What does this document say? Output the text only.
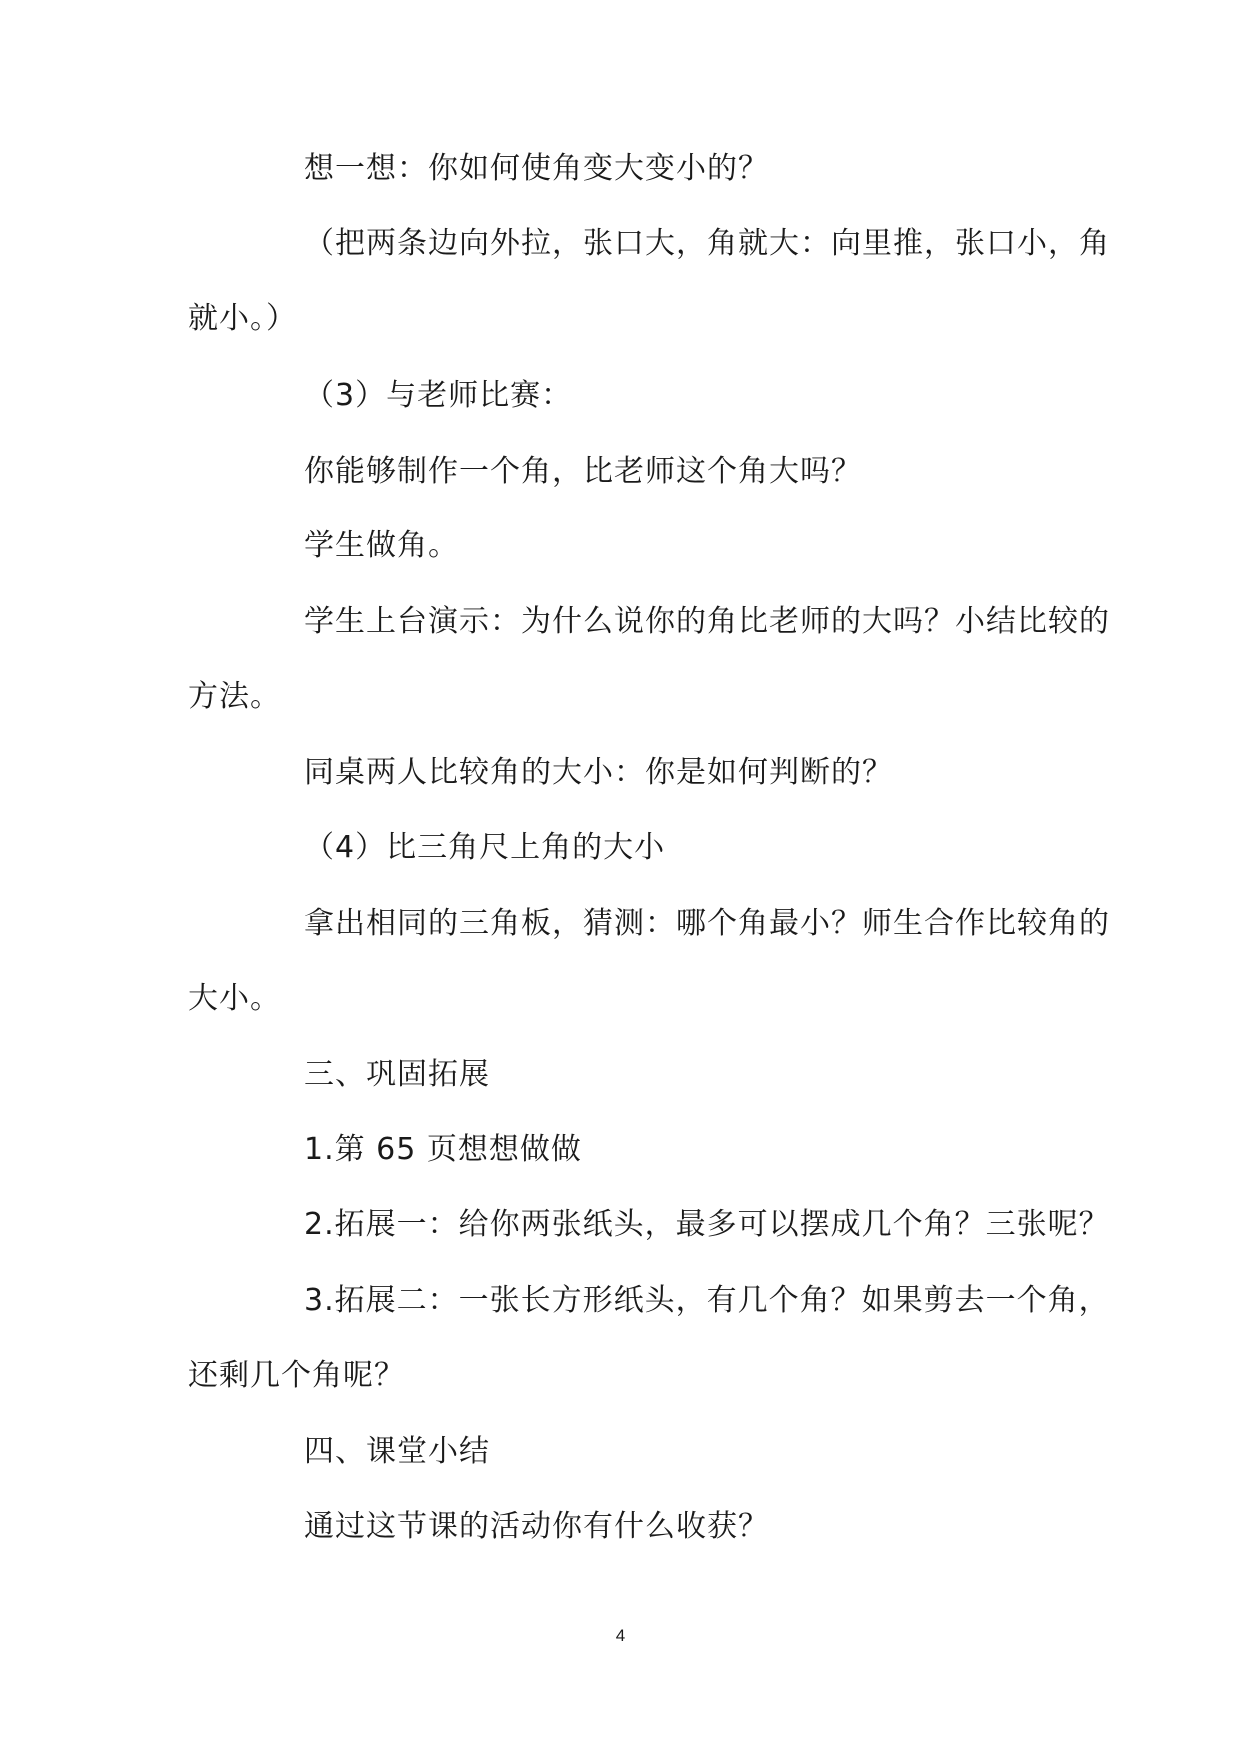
想一想：你如何使角变大变小的？
（把两条边向外拉，张口大，角就大：向里推，张口小，角
就小。）
（3）与老师比赛：
你能够制作一个角，比老师这个角大吗？
学生做角。
学生上台演示：为什么说你的角比老师的大吗？小结比较的
方法。
同桌两人比较角的大小：你是如何判断的？
（4）比三角尺上角的大小
拿出相同的三角板，猜测：哪个角最小？师生合作比较角的
大小。
三、巩固拓展
1.第 65 页想想做做
2.拓展一：给你两张纸头，最多可以摆成几个角？三张呢？
3.拓展二：一张长方形纸头，有几个角？如果剪去一个角，
还剩几个角呢？
四、课堂小结
通过这节课的活动你有什么收获？
4
